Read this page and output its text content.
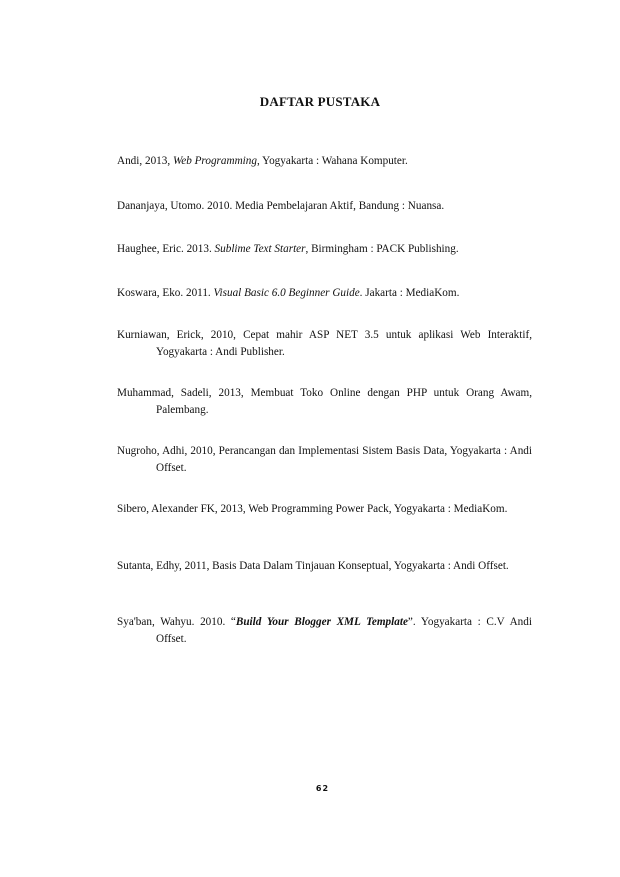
DAFTAR PUSTAKA
Andi, 2013, Web Programming, Yogyakarta : Wahana Komputer.
Dananjaya, Utomo. 2010. Media Pembelajaran Aktif, Bandung : Nuansa.
Haughee, Eric. 2013. Sublime Text Starter, Birmingham : PACK Publishing.
Koswara, Eko. 2011. Visual Basic 6.0 Beginner Guide. Jakarta : MediaKom.
Kurniawan, Erick, 2010, Cepat mahir ASP NET 3.5 untuk aplikasi Web Interaktif, Yogyakarta : Andi Publisher.
Muhammad, Sadeli, 2013, Membuat Toko Online dengan PHP untuk Orang Awam, Palembang.
Nugroho, Adhi, 2010, Perancangan dan Implementasi Sistem Basis Data, Yogyakarta : Andi Offset.
Sibero, Alexander FK, 2013, Web Programming Power Pack, Yogyakarta : MediaKom.
Sutanta, Edhy, 2011, Basis Data Dalam Tinjauan Konseptual, Yogyakarta : Andi Offset.
Sya'ban, Wahyu. 2010. “Build Your Blogger XML Template”. Yogyakarta : C.V Andi Offset.
62
